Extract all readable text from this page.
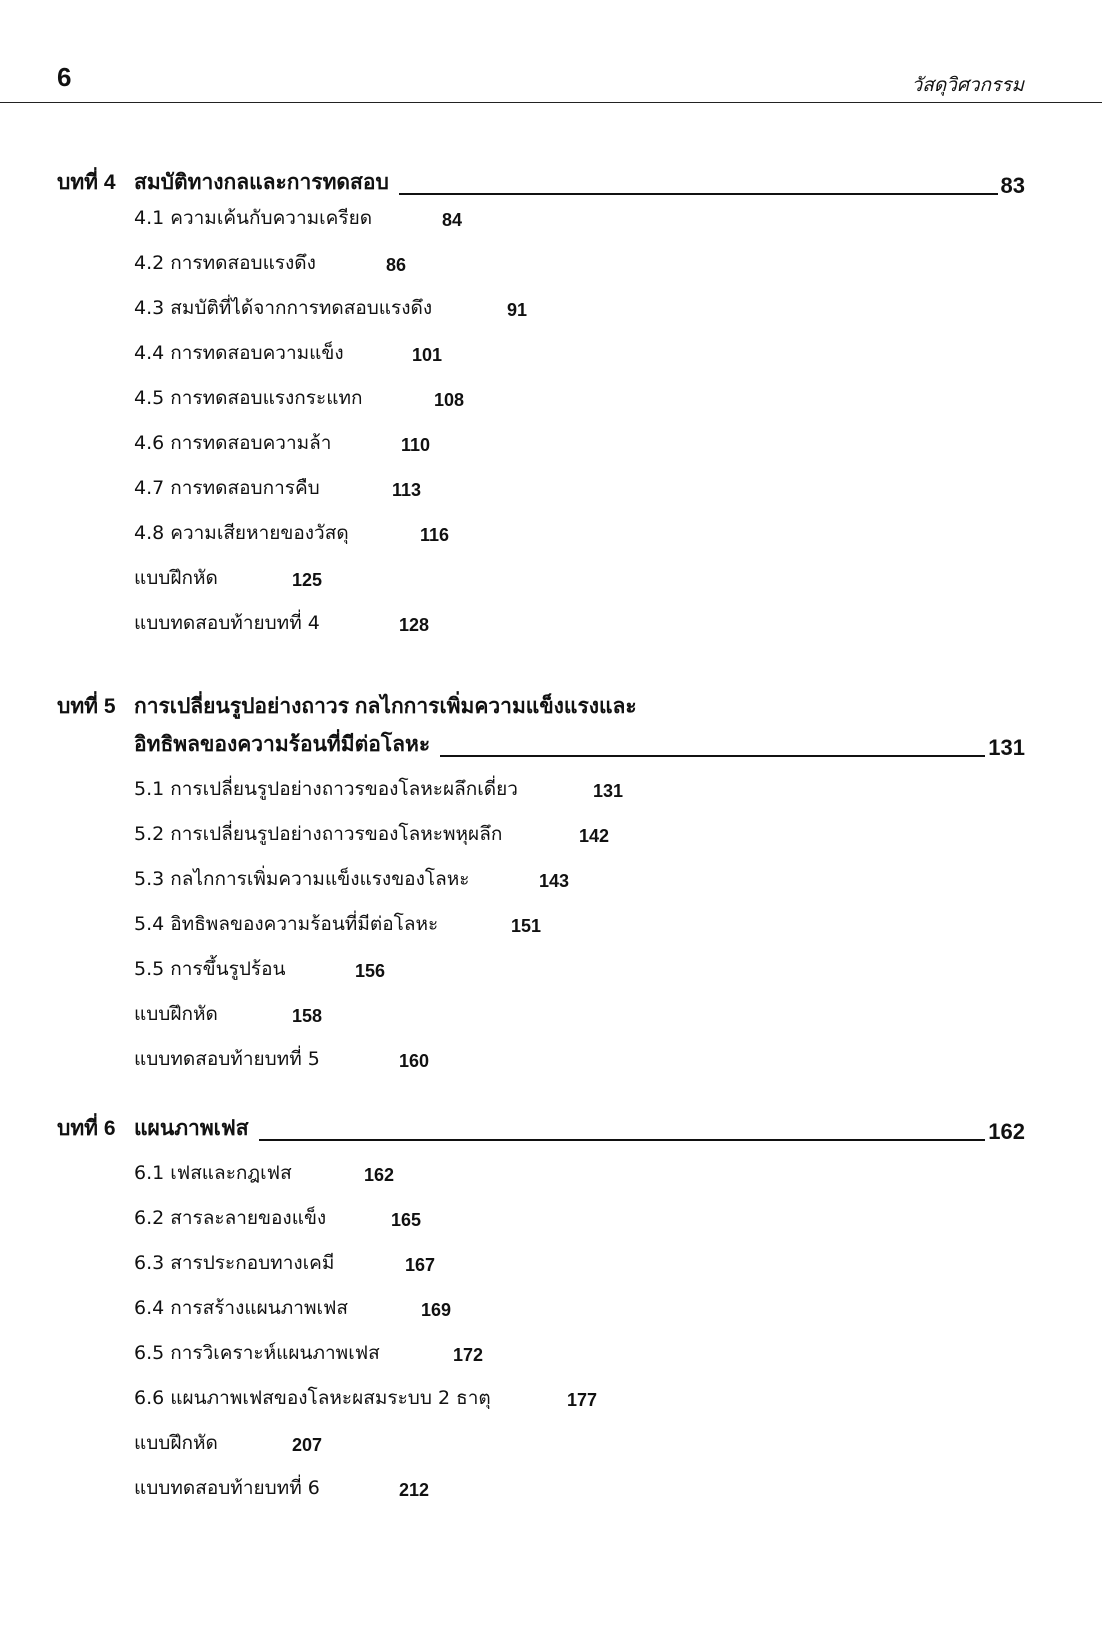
6	วัสดุวิศวกรรม
บทที่ 4 สมบัติทางกลและการทดสอบ	83
4.1 ความเค้นกับความเครียด	84
4.2 การทดสอบแรงดึง	86
4.3 สมบัติที่ได้จากการทดสอบแรงดึง	91
4.4 การทดสอบความแข็ง	101
4.5 การทดสอบแรงกระแทก	108
4.6 การทดสอบความล้า	110
4.7 การทดสอบการคืบ	113
4.8 ความเสียหายของวัสดุ	116
แบบฝึกหัด	125
แบบทดสอบท้ายบทที่ 4	128
บทที่ 5 การเปลี่ยนรูปอย่างถาวร กลไกการเพิ่มความแข็งแรงและ
อิทธิพลของความร้อนที่มีต่อโลหะ	131
5.1 การเปลี่ยนรูปอย่างถาวรของโลหะผลึกเดี่ยว	131
5.2 การเปลี่ยนรูปอย่างถาวรของโลหะพหุผลึก	142
5.3 กลไกการเพิ่มความแข็งแรงของโลหะ	143
5.4 อิทธิพลของความร้อนที่มีต่อโลหะ	151
5.5 การขึ้นรูปร้อน	156
แบบฝึกหัด	158
แบบทดสอบท้ายบทที่ 5	160
บทที่ 6 แผนภาพเฟส	162
6.1 เฟสและกฎเฟส	162
6.2 สารละลายของแข็ง	165
6.3 สารประกอบทางเคมี	167
6.4 การสร้างแผนภาพเฟส	169
6.5 การวิเคราะห์แผนภาพเฟส	172
6.6 แผนภาพเฟสของโลหะผสมระบบ 2 ธาตุ	177
แบบฝึกหัด	207
แบบทดสอบท้ายบทที่ 6	212
